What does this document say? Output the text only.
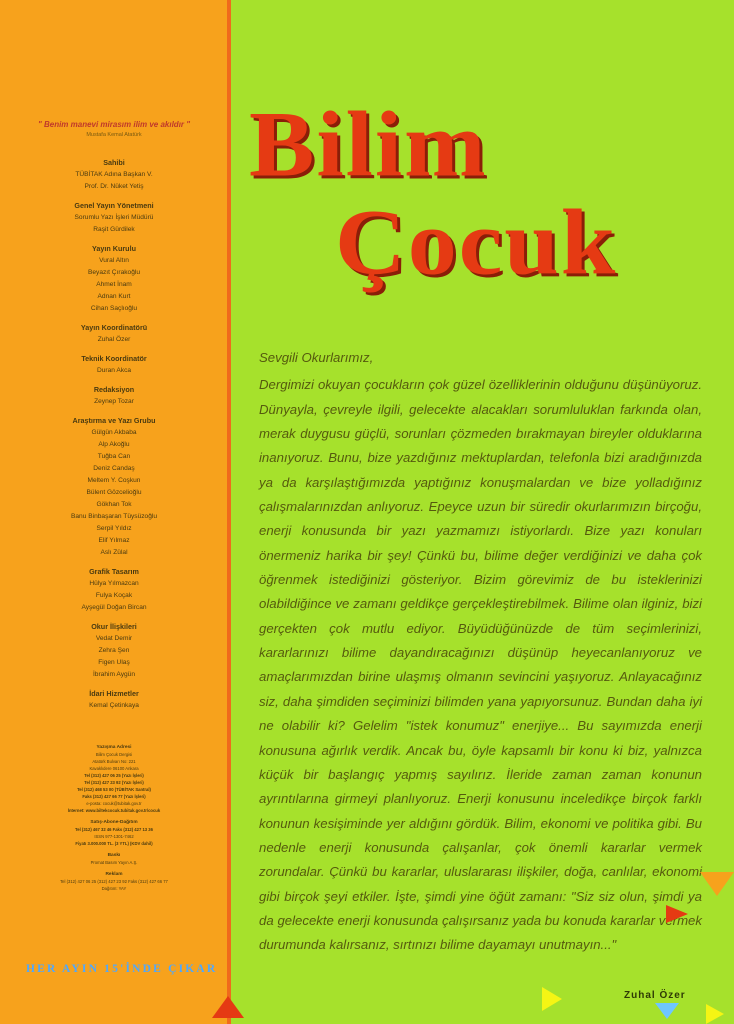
" Benim manevi mirasım ilim ve akıldır "
Mustafa Kemal Atatürk
Sahibi
TÜBİTAK Adına Başkan V.
Prof. Dr. Nüket Yetiş
Genel Yayın Yönetmeni
Sorumlu Yazı İşleri Müdürü
Raşit Gürdilek
Yayın Kurulu
Vural Altın
Beyazıt Çırakoğlu
Ahmet İnam
Adnan Kurt
Cihan Saçlıoğlu
Yayın Koordinatörü
Zuhal Özer
Teknik Koordinatör
Duran Akca
Redaksiyon
Zeynep Tozar
Araştırma ve Yazı Grubu
Gülgün Akbaba
Alp Akoğlu
Tuğba Can
Deniz Candaş
Meltem Y. Coşkun
Bülent Gözcelioğlu
Gökhan Tok
Banu Binbaşaran Tüysüzoğlu
Serpil Yıldız
Elif Yılmaz
Aslı Zülal
Grafik Tasarım
Hülya Yılmazcan
Fulya Koçak
Ayşegül Doğan Bircan
Okur İlişkileri
Vedat Demir
Zehra Şen
Figen Ulaş
İbrahim Aygün
İdari Hizmetler
Kemal Çetinkaya
Yazışma Adresi
Bilim Çocuk Dergisi
Atatürk Bulvarı No: 221
Kavaklıdere 06100 Ankara
Tel (312) 427 06 25 (Yazı İşleri)
Tel (312) 427 23 92 (Yazı İşleri)
Tel (312) 468 53 00 (TÜBİTAK Santral)
Faks (312) 427 66 77 (Yazı İşleri)
e-posta: cocuk@tubitak.gov.tr
İnternet: www.biltekcocuk.tubitak.gov.tr/cocuk
Satış-Abone-Dağıtım
Tel (312) 467 32 46 Faks (312) 427 13 36
ISSN 977-1301-7462
Fiyatı 3.000.000 TL. (3 YTL) (KDV dahil)
Baskı
Promat Basım Yayın A.Ş.
Reklam
Tel (312) 427 06 25 (312) 427 23 92 Faks (312) 427 66 77
Dağıtım: YAY
HER AYIN 15'İNDE ÇIKAR
Bilim
Çocuk
Sevgili Okurlarımız,
Dergimizi okuyan çocukların çok güzel özelliklerinin olduğunu düşünüyoruz. Dünyayla, çevreyle ilgili, gelecekte alacakları sorumluluklan farkında olan, merak duygusu güçlü, sorunları çözmeden bırakmayan bireyler olduklarına inanıyoruz. Bunu, bize yazdığınız mektuplardan, telefonla bizi aradığınızda ya da karşılaştığımızda yaptığınız konuşmalardan ve bize yolladığınız çalışmalarınızdan anlıyoruz. Epeyce uzun bir süredir okurlarımızın birçoğu, enerji konusunda bir yazı yazmamızı istiyorlardı. Bize yazı konuları önermeniz harika bir şey! Çünkü bu, bilime değer verdiğinizi ve daha çok öğrenmek istediğinizi gösteriyor. Bizim görevimiz de bu isteklerinizi olabildiğince ve zamanı geldikçe gerçekleştirebilmek. Bilime olan ilginiz, bizi gerçekten çok mutlu ediyor. Büyüdüğünüzde de tüm seçimlerinizi, kararlarınızı bilime dayandıracağınızı düşünüp heyecanlanıyoruz ve amaçlarımızdan birine ulaşmış olmanın sevincini yaşıyoruz. Anlayacağınız siz, daha şimdiden seçiminizi bilimden yana yapıyorsunuz. Bundan daha iyi ne olabilir ki? Gelelim "istek konumuz" enerjiye... Bu sayımızda enerji konusuna ağırlık verdik. Ancak bu, öyle kapsamlı bir konu ki biz, yalnızca küçük bir başlangıç yapmış sayılırız. İleride zaman zaman konunun ayrıntılarına girmeyi planlıyoruz. Enerji konusunu inceledikçe birçok farklı konunun kesişiminde yer aldığını gördük. Bilim, ekonomi ve politika gibi. Bu nedenle enerji konusunda çalışanlar, çok önemli kararlar vermek zorundalar. Çünkü bu kararlar, uluslararası ilişkiler, doğa, canlılar, ekonomi gibi birçok şeyi etkiler. İşte, şimdi yine öğüt zamanı: "Siz siz olun, şimdi ya da gelecekte enerji konusunda çalışırsanız yada bu konuda kararlar vermek durumunda kalırsanız, sırtınızı bilime dayamayı unutmayın..."
Zuhal Özer
